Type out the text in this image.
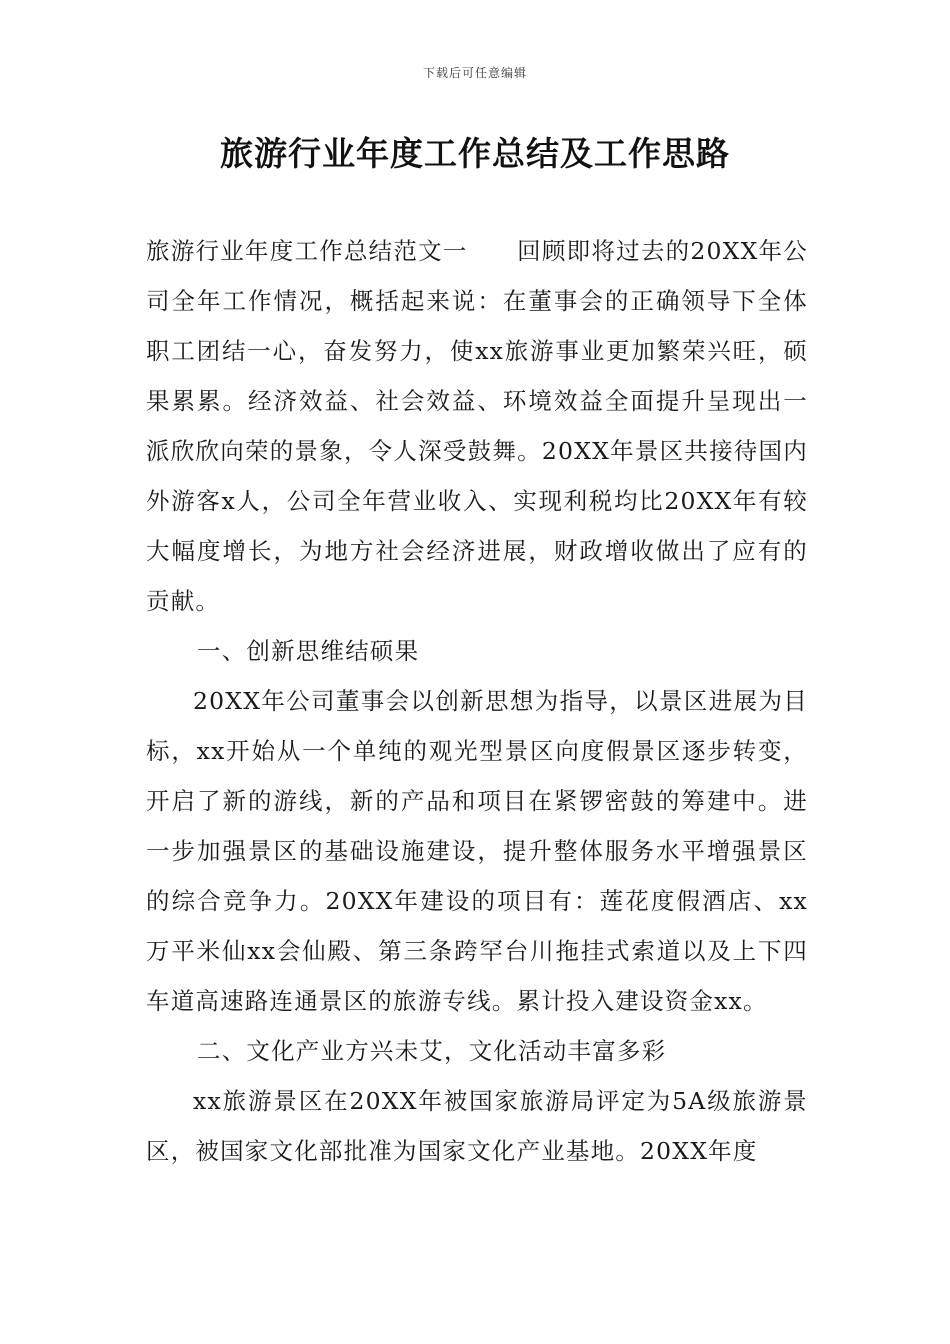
下载后可任意编辑
旅游行业年度工作总结及工作思路

旅游行业年度工作总结范文一　　回顾即将过去的20XX年公司全年工作情况，概括起来说：在董事会的正确领导下全体职工团结一心，奋发努力，使xx旅游事业更加繁荣兴旺，硕果累累。经济效益、社会效益、环境效益全面提升呈现出一派欣欣向荣的景象，令人深受鼓舞。20XX年景区共接待国内外游客x人，公司全年营业收入、实现利税均比20XX年有较大幅度增长，为地方社会经济进展，财政增收做出了应有的贡献。

一、创新思维结硕果

20XX年公司董事会以创新思想为指导，以景区进展为目标，xx开始从一个单纯的观光型景区向度假景区逐步转变，开启了新的游线，新的产品和项目在紧锣密鼓的筹建中。进一步加强景区的基础设施建设，提升整体服务水平增强景区的综合竞争力。20XX年建设的项目有：莲花度假酒店、xx万平米仙xx会仙殿、第三条跨罕台川拖挂式索道以及上下四车道高速路连通景区的旅游专线。累计投入建设资金xx。

二、文化产业方兴未艾，文化活动丰富多彩

xx旅游景区在20XX年被国家旅游局评定为5A级旅游景区，被国家文化部批准为国家文化产业基地。20XX年度
